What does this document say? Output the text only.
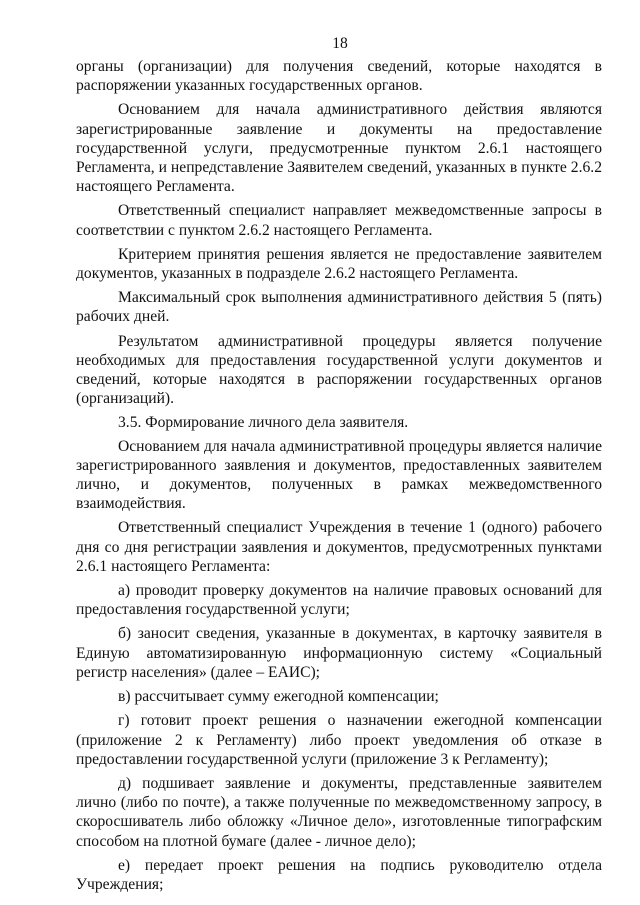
18

органы (организации) для получения сведений, которые находятся в распоряжении указанных государственных органов.

Основанием для начала административного действия являются зарегистрированные заявление и документы на предоставление государственной услуги, предусмотренные пунктом 2.6.1 настоящего Регламента, и непредставление Заявителем сведений, указанных в пункте 2.6.2 настоящего Регламента.

Ответственный специалист направляет межведомственные запросы в соответствии с пунктом 2.6.2 настоящего Регламента.

Критерием принятия решения является не предоставление заявителем документов, указанных в подразделе 2.6.2 настоящего Регламента.

Максимальный срок выполнения административного действия 5 (пять) рабочих дней.

Результатом административной процедуры является получение необходимых для предоставления государственной услуги документов и сведений, которые находятся в распоряжении государственных органов (организаций).

3.5. Формирование личного дела заявителя.

Основанием для начала административной процедуры является наличие зарегистрированного заявления и документов, предоставленных заявителем лично, и документов, полученных в рамках межведомственного взаимодействия.

Ответственный специалист Учреждения в течение 1 (одного) рабочего дня со дня регистрации заявления и документов, предусмотренных пунктами 2.6.1 настоящего Регламента:

а) проводит проверку документов на наличие правовых оснований для предоставления государственной услуги;

б) заносит сведения, указанные в документах, в карточку заявителя в Единую автоматизированную информационную систему «Социальный регистр населения» (далее – ЕАИС);

в) рассчитывает сумму ежегодной компенсации;

г) готовит проект решения о назначении ежегодной компенсации (приложение 2 к Регламенту) либо проект уведомления об отказе в предоставлении государственной услуги (приложение 3 к Регламенту);

д) подшивает заявление и документы, представленные заявителем лично (либо по почте), а также полученные по межведомственному запросу, в скоросшиватель либо обложку «Личное дело», изготовленные типографским способом на плотной бумаге (далее - личное дело);

е) передает проект решения на подпись руководителю отдела Учреждения;
